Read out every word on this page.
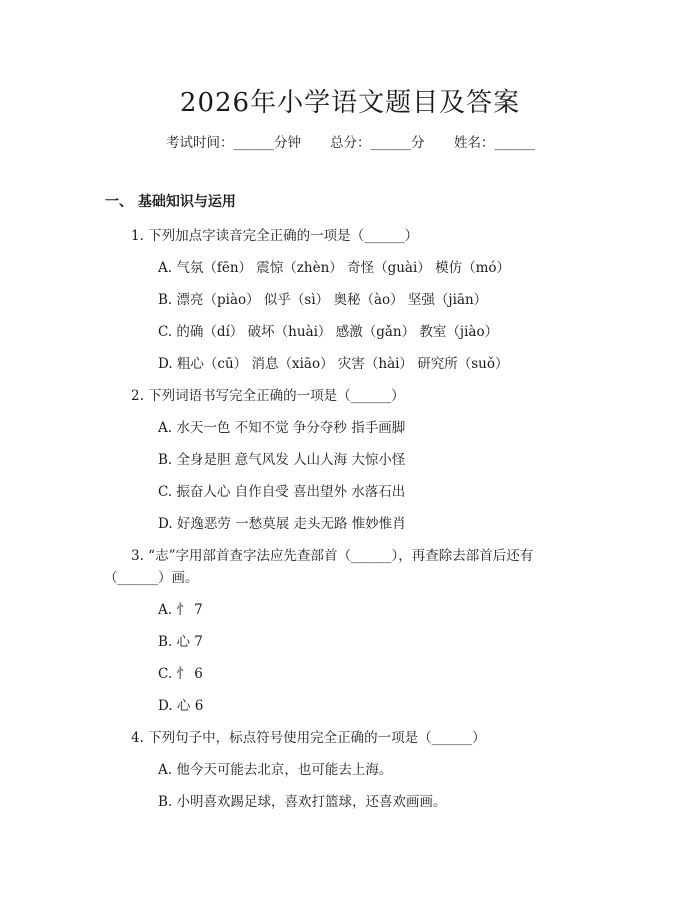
2026年小学语文题目及答案
考试时间：______分钟 总分：______分 姓名：______
一、 基础知识与运用
1. 下列加点字读音完全正确的一项是（______）
A. 气氛（fēn） 震惊（zhèn） 奇怪（guài） 模仿（mó）
B. 漂亮（piào） 似乎（sì） 奥秘（ào） 坚强（jiān）
C. 的确（dí） 破坏（huài） 感激（gǎn） 教室（jiào）
D. 粗心（cū） 消息（xiāo） 灾害（hài） 研究所（suǒ）
2. 下列词语书写完全正确的一项是（______）
A. 水天一色 不知不觉 争分夺秒 指手画脚
B. 全身是胆 意气风发 人山人海 大惊小怪
C. 振奋人心 自作自受 喜出望外 水落石出
D. 好逸恶劳 一愁莫展 走头无路 惟妙惟肖
3. “志”字用部首查字法应先查部首（______），再查除去部首后还有
（______）画。
A. 忄 7
B. 心 7
C. 忄 6
D. 心 6
4. 下列句子中，标点符号使用完全正确的一项是（______）
A. 他今天可能去北京，也可能去上海。
B. 小明喜欢踢足球，喜欢打篮球，还喜欢画画。
